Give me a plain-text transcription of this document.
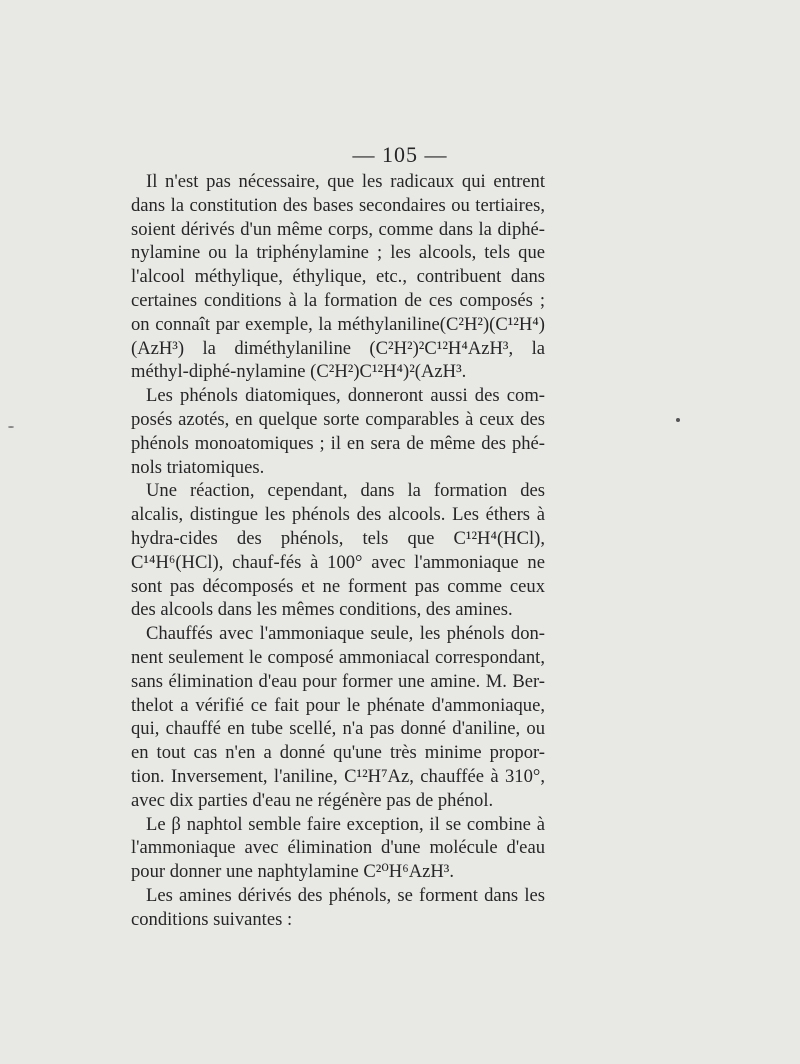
— 105 —

Il n'est pas nécessaire, que les radicaux qui entrent dans la constitution des bases secondaires ou tertiaires, soient dérivés d'un même corps, comme dans la diphé-nylamine ou la triphénylamine ; les alcools, tels que l'alcool méthylique, éthylique, etc., contribuent dans certaines conditions à la formation de ces composés ; on connaît par exemple, la méthylaniline(C²H²)(C¹²H⁴)(AzH³) la diméthylaniline (C²H²)²C¹²H⁴AzH³, la méthyl-diphé-nylamine (C²H²)C¹²H⁴)²(AzH³.

Les phénols diatomiques, donneront aussi des com-posés azotés, en quelque sorte comparables à ceux des phénols monoatomiques ; il en sera de même des phé-nols triatomiques.

Une réaction, cependant, dans la formation des alcalis, distingue les phénols des alcools. Les éthers à hydra-cides des phénols, tels que C¹²H⁴(HCl), C¹⁴H⁶(HCl), chauf-fés à 100° avec l'ammoniaque ne sont pas décomposés et ne forment pas comme ceux des alcools dans les mêmes conditions, des amines.

Chauffés avec l'ammoniaque seule, les phénols don-nent seulement le composé ammoniacal correspondant, sans élimination d'eau pour former une amine. M. Ber-thelot a vérifié ce fait pour le phénate d'ammoniaque, qui, chauffé en tube scellé, n'a pas donné d'aniline, ou en tout cas n'en a donné qu'une très minime propor-tion. Inversement, l'aniline, C¹²H⁷Az, chauffée à 310°, avec dix parties d'eau ne régénère pas de phénol.

Le β naphtol semble faire exception, il se combine à l'ammoniaque avec élimination d'une molécule d'eau pour donner une naphtylamine C²⁰H⁶AzH³.

Les amines dérivés des phénols, se forment dans les conditions suivantes :
